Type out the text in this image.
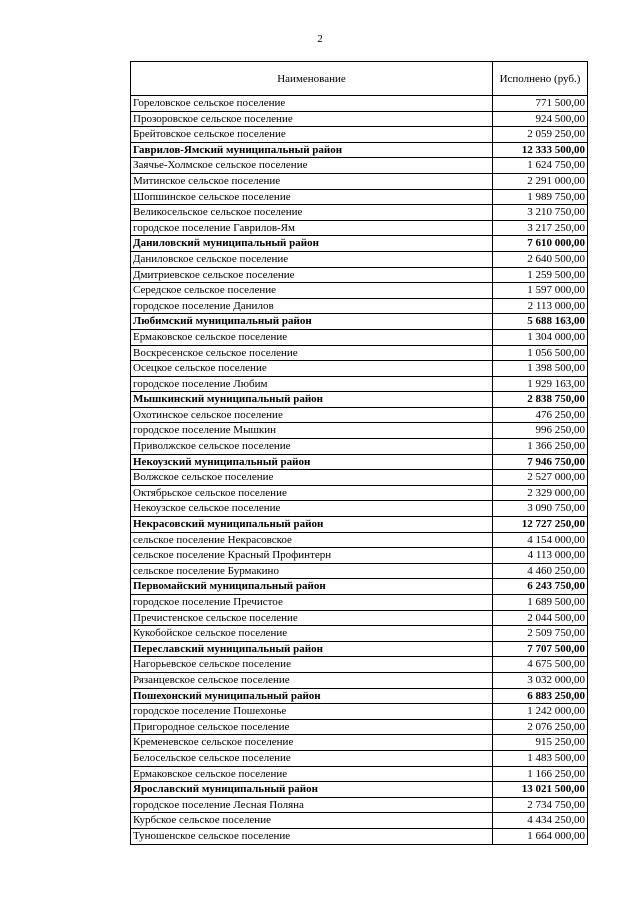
2
Наименование	Исполнено (руб.)
Гореловское сельское поселение	771 500,00
Прозоровское сельское поселение	924 500,00
Брейтовское сельское поселение	2 059 250,00
Гаврилов-Ямский муниципальный район	12 333 500,00
Заячье-Холмское сельское поселение	1 624 750,00
Митинское сельское поселение	2 291 000,00
Шопшинское сельское поселение	1 989 750,00
Великосельское сельское поселение	3 210 750,00
городское поселение Гаврилов-Ям	3 217 250,00
Даниловский муниципальный район	7 610 000,00
Даниловское сельское поселение	2 640 500,00
Дмитриевское сельское поселение	1 259 500,00
Середское сельское поселение	1 597 000,00
городское поселение Данилов	2 113 000,00
Любимский муниципальный район	5 688 163,00
Ермаковское сельское поселение	1 304 000,00
Воскресенское сельское поселение	1 056 500,00
Осецкое сельское поселение	1 398 500,00
городское поселение Любим	1 929 163,00
Мышкинский муниципальный район	2 838 750,00
Охотинское сельское поселение	476 250,00
городское поселение Мышкин	996 250,00
Приволжское сельское поселение	1 366 250,00
Некоузский муниципальный район	7 946 750,00
Волжское сельское поселение	2 527 000,00
Октябрьское сельское поселение	2 329 000,00
Некоузское сельское поселение	3 090 750,00
Некрасовский муниципальный район	12 727 250,00
сельское поселение Некрасовское	4 154 000,00
сельское поселение Красный Профинтерн	4 113 000,00
сельское поселение Бурмакино	4 460 250,00
Первомайский муниципальный район	6 243 750,00
городское поселение Пречистое	1 689 500,00
Пречистенское сельское поселение	2 044 500,00
Кукобойское сельское поселение	2 509 750,00
Переславский муниципальный район	7 707 500,00
Нагорьевское сельское поселение	4 675 500,00
Рязанцевское сельское поселение	3 032 000,00
Пошехонский муниципальный район	6 883 250,00
городское поселение Пошехонье	1 242 000,00
Пригородное сельское поселение	2 076 250,00
Кременевское сельское поселение	915 250,00
Белосельское сельское поселение	1 483 500,00
Ермаковское сельское поселение	1 166 250,00
Ярославский муниципальный район	13 021 500,00
городское поселение Лесная Поляна	2 734 750,00
Курбское сельское поселение	4 434 250,00
Туношенское сельское поселение	1 664 000,00
